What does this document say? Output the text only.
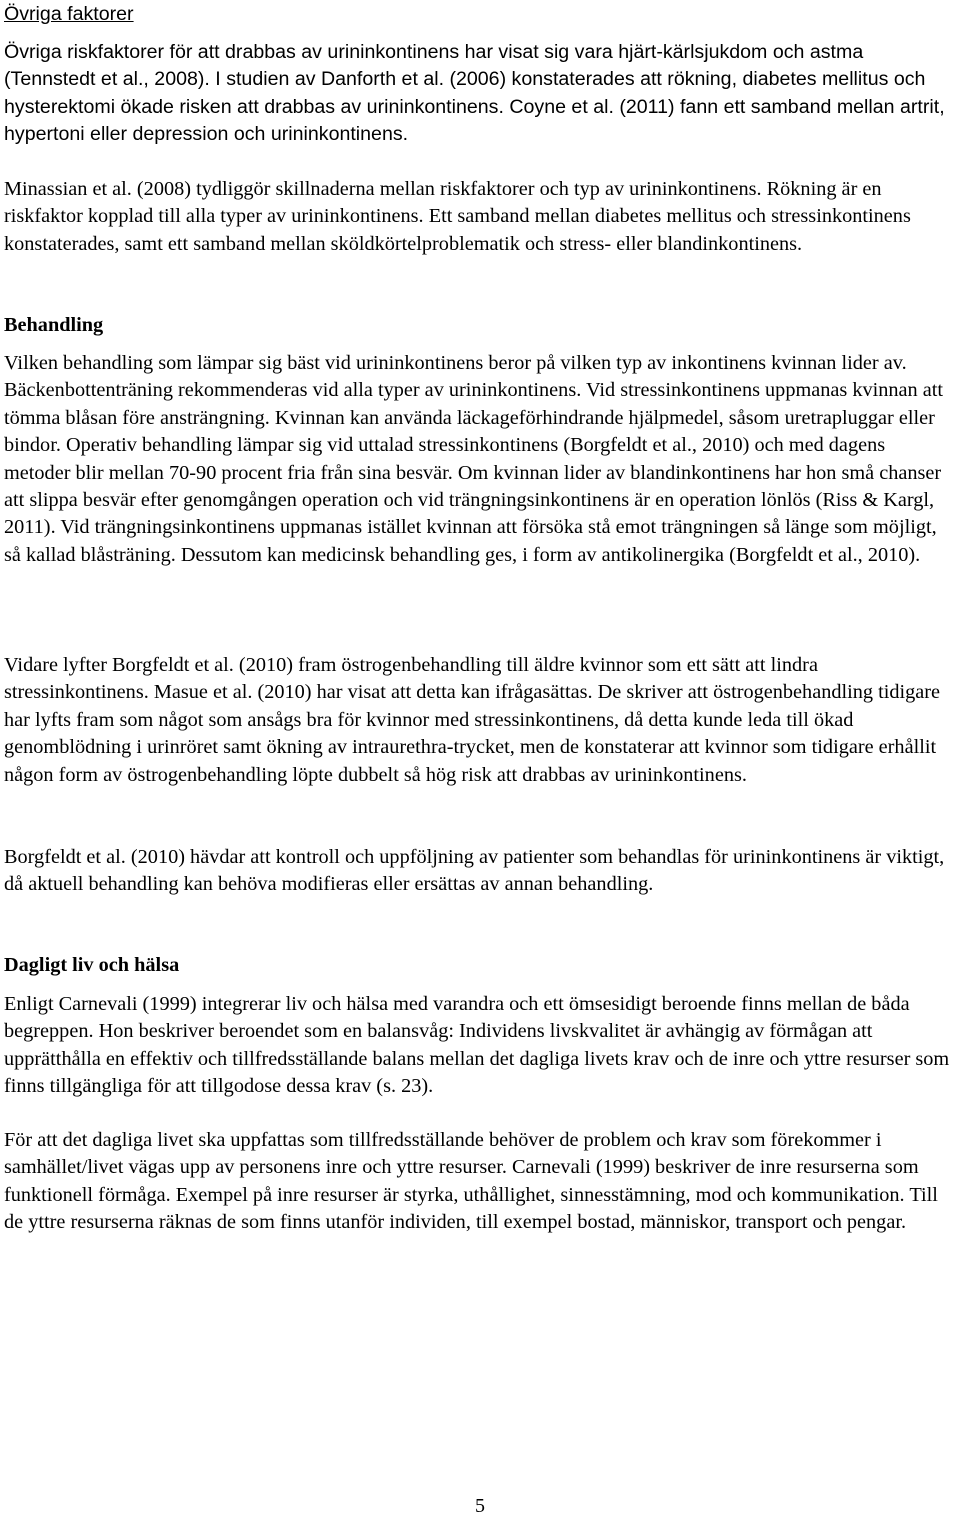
Övriga faktorer

Övriga riskfaktorer för att drabbas av urininkontinens har visat sig vara hjärt-kärlsjukdom och astma (Tennstedt et al., 2008). I studien av Danforth et al. (2006) konstaterades att rökning, diabetes mellitus och hysterektomi ökade risken att drabbas av urininkontinens. Coyne et al. (2011) fann ett samband mellan artrit, hypertoni eller depression och urininkontinens.

Minassian et al. (2008) tydliggör skillnaderna mellan riskfaktorer och typ av urininkontinens. Rökning är en riskfaktor kopplad till alla typer av urininkontinens. Ett samband mellan diabetes mellitus och stressinkontinens konstaterades, samt ett samband mellan sköldkörtelproblematik och stress- eller blandinkontinens.

Behandling

Vilken behandling som lämpar sig bäst vid urininkontinens beror på vilken typ av inkontinens kvinnan lider av. Bäckenbottenträning rekommenderas vid alla typer av urininkontinens. Vid stressinkontinens uppmanas kvinnan att tömma blåsan före ansträngning. Kvinnan kan använda läckageförhindrande hjälpmedel, såsom uretrapluggar eller bindor. Operativ behandling lämpar sig vid uttalad stressinkontinens (Borgfeldt et al., 2010) och med dagens metoder blir mellan 70-90 procent fria från sina besvär. Om kvinnan lider av blandinkontinens har hon små chanser att slippa besvär efter genomgången operation och vid trängningsinkontinens är en operation lönlös (Riss & Kargl, 2011). Vid trängningsinkontinens uppmanas istället kvinnan att försöka stå emot trängningen så länge som möjligt, så kallad blåsträning. Dessutom kan medicinsk behandling ges, i form av antikolinergika (Borgfeldt et al., 2010).

Vidare lyfter Borgfeldt et al. (2010) fram östrogenbehandling till äldre kvinnor som ett sätt att lindra stressinkontinens. Masue et al. (2010) har visat att detta kan ifrågasättas. De skriver att östrogenbehandling tidigare har lyfts fram som något som ansågs bra för kvinnor med stressinkontinens, då detta kunde leda till ökad genomblödning i urinröret samt ökning av intraurethra-trycket, men de konstaterar att kvinnor som tidigare erhållit någon form av östrogenbehandling löpte dubbelt så hög risk att drabbas av urininkontinens.

Borgfeldt et al. (2010) hävdar att kontroll och uppföljning av patienter som behandlas för urininkontinens är viktigt, då aktuell behandling kan behöva modifieras eller ersättas av annan behandling.

Dagligt liv och hälsa

Enligt Carnevali (1999) integrerar liv och hälsa med varandra och ett ömsesidigt beroende finns mellan de båda begreppen. Hon beskriver beroendet som en balansvåg: Individens livskvalitet är avhängig av förmågan att upprätthålla en effektiv och tillfredsställande balans mellan det dagliga livets krav och de inre och yttre resurser som finns tillgängliga för att tillgodose dessa krav (s. 23).

För att det dagliga livet ska uppfattas som tillfredsställande behöver de problem och krav som förekommer i samhället/livet vägas upp av personens inre och yttre resurser. Carnevali (1999) beskriver de inre resurserna som funktionell förmåga. Exempel på inre resurser är styrka, uthållighet, sinnesstämning, mod och kommunikation. Till de yttre resurserna räknas de som finns utanför individen, till exempel bostad, människor, transport och pengar.

5
